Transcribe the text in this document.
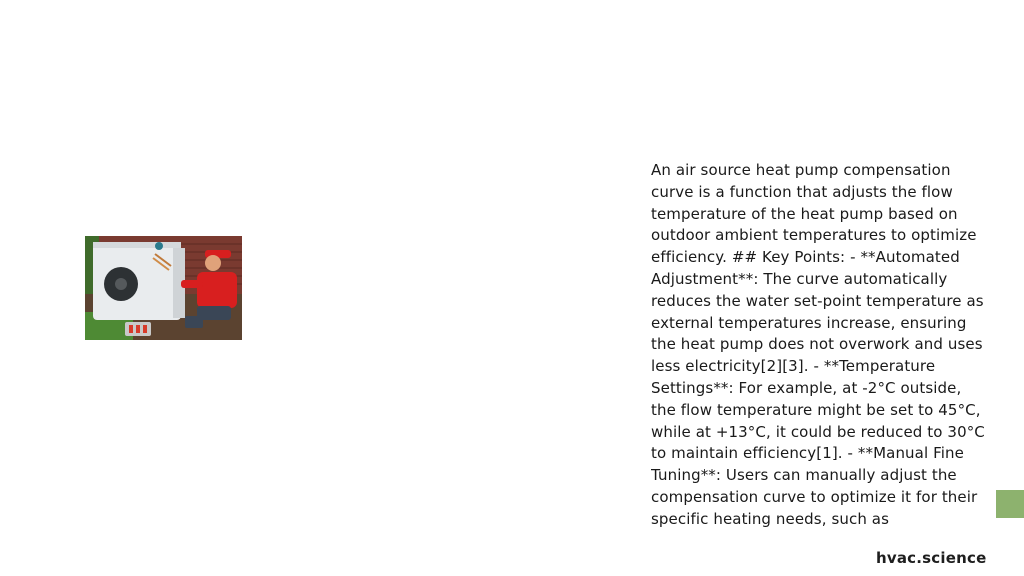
An air source heat pump compensation curve is a function that adjusts the flow temperature of the heat pump based on outdoor ambient temperatures to optimize efficiency. ## Key Points: - **Automated Adjustment**: The curve automatically reduces the water set-point temperature as external temperatures increase, ensuring the heat pump does not overwork and uses less electricity[2][3]. - **Temperature Settings**: For example, at -2°C outside, the flow temperature might be set to 45°C, while at +13°C, it could be reduced to 30°C to maintain efficiency[1]. - **Manual Fine Tuning**: Users can manually adjust the compensation curve to optimize it for their specific heating needs, such as

hvac.science
